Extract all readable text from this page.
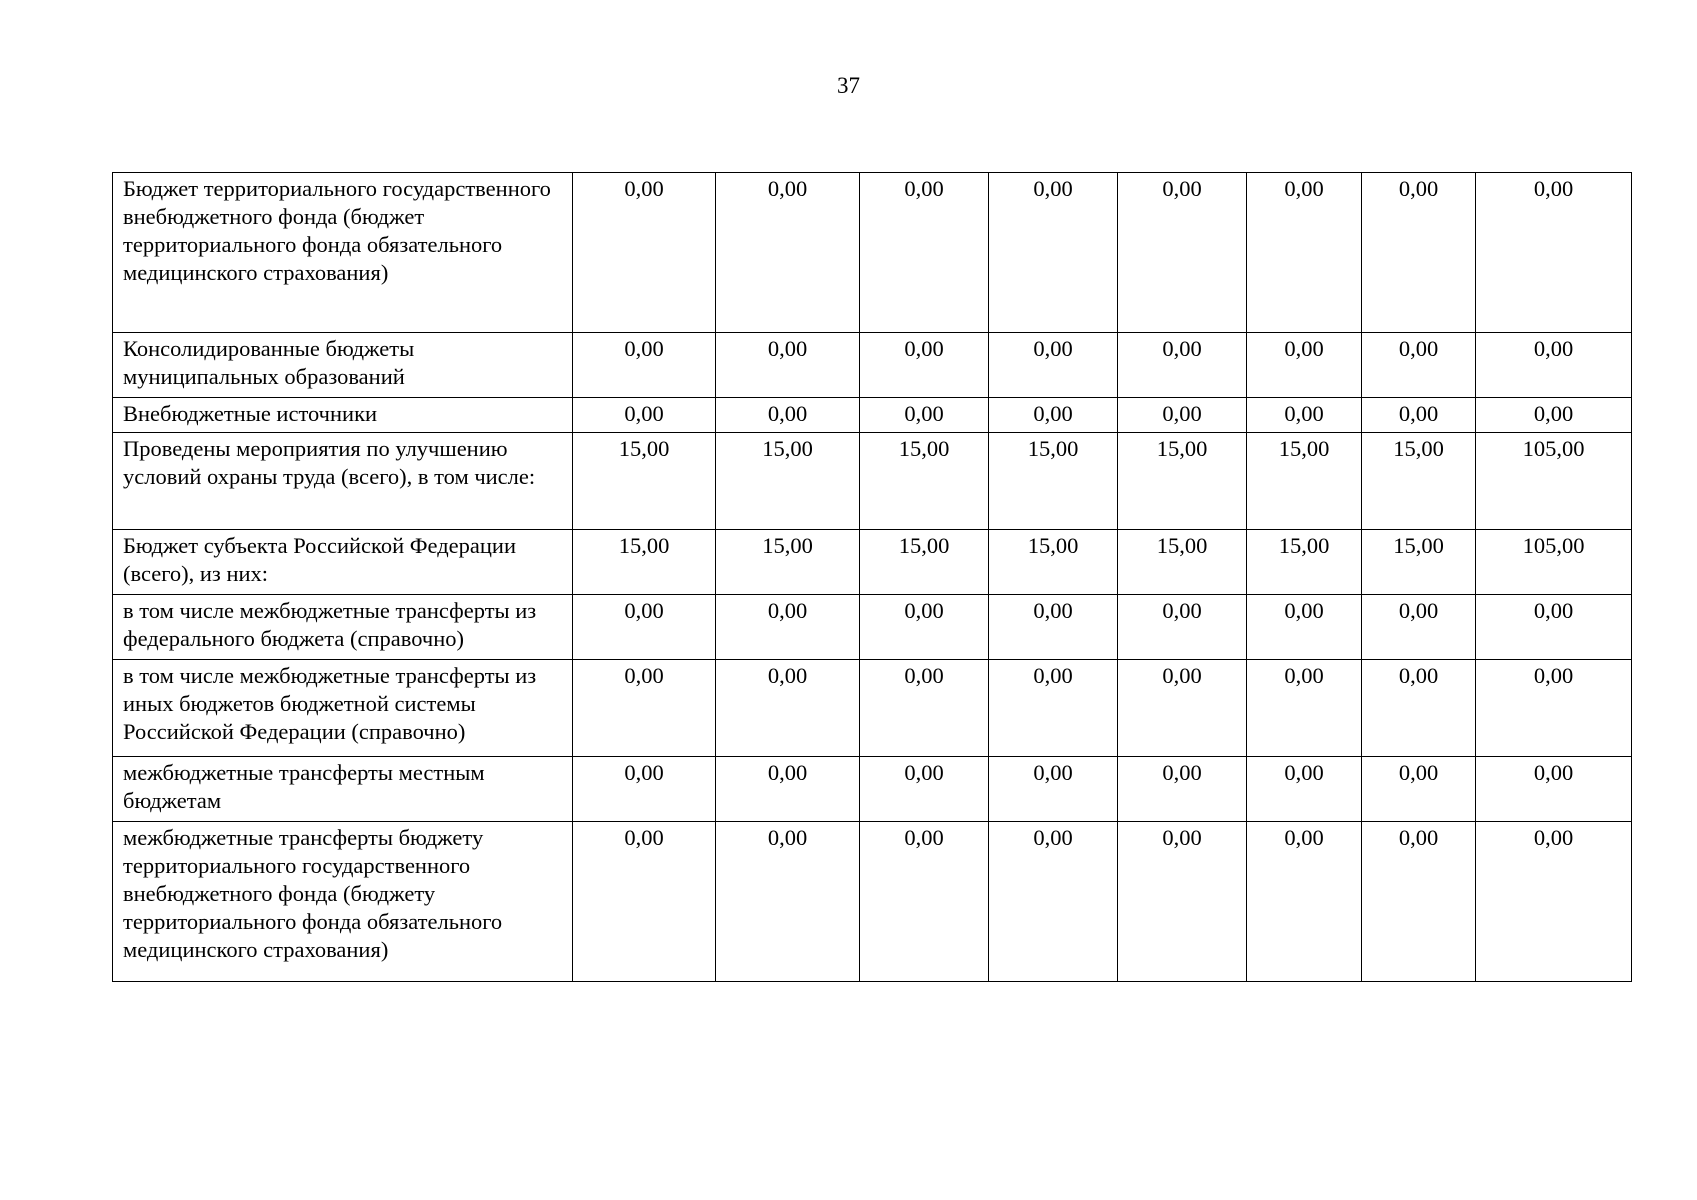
37
Бюджет территориального государственного внебюджетного фонда (бюджет территориального фонда обязательного медицинского страхования)	0,00	0,00	0,00	0,00	0,00	0,00	0,00	0,00
Консолидированные бюджеты муниципальных образований	0,00	0,00	0,00	0,00	0,00	0,00	0,00	0,00
Внебюджетные источники	0,00	0,00	0,00	0,00	0,00	0,00	0,00	0,00
Проведены мероприятия по улучшению условий охраны труда (всего), в том числе:	15,00	15,00	15,00	15,00	15,00	15,00	15,00	105,00
Бюджет субъекта Российской Федерации (всего), из них:	15,00	15,00	15,00	15,00	15,00	15,00	15,00	105,00
в том числе межбюджетные трансферты из федерального бюджета (справочно)	0,00	0,00	0,00	0,00	0,00	0,00	0,00	0,00
в том числе межбюджетные трансферты из иных бюджетов бюджетной системы Российской Федерации (справочно)	0,00	0,00	0,00	0,00	0,00	0,00	0,00	0,00
межбюджетные трансферты местным бюджетам	0,00	0,00	0,00	0,00	0,00	0,00	0,00	0,00
межбюджетные трансферты бюджету территориального государственного внебюджетного фонда (бюджету территориального фонда обязательного медицинского страхования)	0,00	0,00	0,00	0,00	0,00	0,00	0,00	0,00
